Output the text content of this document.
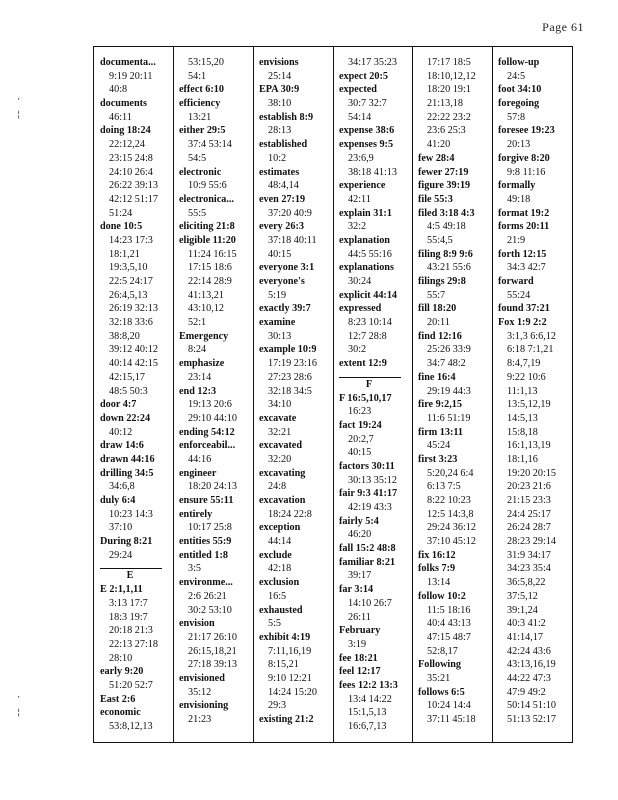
Page 61
·
¦
·
¦
documenta...
9:19 20:11
40:8
documents
46:11
doing 18:24
22:12,24
23:15 24:8
24:10 26:4
26:22 39:13
42:12 51:17
51:24
done 10:5
14:23 17:3
18:1,21
19:3,5,10
22:5 24:17
26:4,5,13
26:19 32:13
32:18 33:6
38:8,20
39:12 40:12
40:14 42:15
42:15,17
48:5 50:3
door 4:7
down 22:24
40:12
draw 14:6
drawn 44:16
drilling 34:5
34:6,8
duly 6:4
10:23 14:3
37:10
During 8:21
29:24
E
E 2:1,1,11
3:13 17:7
18:3 19:7
20:18 21:3
22:13 27:18
28:10
early 9:20
51:20 52:7
East 2:6
economic
53:8,12,13
53:15,20
54:1
effect 6:10
efficiency
13:21
either 29:5
37:4 53:14
54:5
electronic
10:9 55:6
electronica...
55:5
eliciting 21:8
eligible 11:20
11:24 16:15
17:15 18:6
22:14 28:9
41:13,21
43:10,12
52:1
Emergency
8:24
emphasize
23:14
end 12:3
19:13 20:6
29:10 44:10
ending 54:12
enforceabil...
44:16
engineer
18:20 24:13
ensure 55:11
entirely
10:17 25:8
entities 55:9
entitled 1:8
3:5
environme...
2:6 26:21
30:2 53:10
envision
21:17 26:10
26:15,18,21
27:18 39:13
envisioned
35:12
envisioning
21:23
envisions
25:14
EPA 30:9
38:10
establish 8:9
28:13
established
10:2
estimates
48:4,14
even 27:19
37:20 40:9
every 26:3
37:18 40:11
40:15
everyone 3:1
everyone's
5:19
exactly 39:7
examine
30:13
example 10:9
17:19 23:16
27:23 28:6
32:18 34:5
34:10
excavate
32:21
excavated
32:20
excavating
24:8
excavation
18:24 22:8
exception
44:14
exclude
42:18
exclusion
16:5
exhausted
5:5
exhibit 4:19
7:11,16,19
8:15,21
9:10 12:21
14:24 15:20
29:3
existing 21:2
34:17 35:23
expect 20:5
expected
30:7 32:7
54:14
expense 38:6
expenses 9:5
23:6,9
38:18 41:13
experience
42:11
explain 31:1
32:2
explanation
44:5 55:16
explanations
30:24
explicit 44:14
expressed
8:23 10:14
12:7 28:8
30:2
extent 12:9
F
F 16:5,10,17
16:23
fact 19:24
20:2,7
40:15
factors 30:11
30:13 35:12
fair 9:3 41:17
42:19 43:3
fairly 5:4
46:20
fall 15:2 48:8
familiar 8:21
39:17
far 3:14
14:10 26:7
26:11
February
3:19
fee 18:21
feel 12:17
fees 12:2 13:3
13:4 14:22
15:1,5,13
16:6,7,13
17:17 18:5
18:10,12,12
18:20 19:1
21:13,18
22:22 23:2
23:6 25:3
41:20
few 28:4
fewer 27:19
figure 39:19
file 55:3
filed 3:18 4:3
4:5 49:18
55:4,5
filing 8:9 9:6
43:21 55:6
filings 29:8
55:7
fill 18:20
20:11
find 12:16
25:26 33:9
34:7 48:2
fine 16:4
29:19 44:3
fire 9:2,15
11:6 51:19
firm 13:11
45:24
first 3:23
5:20,24 6:4
6:13 7:5
8:22 10:23
12:5 14:3,8
29:24 36:12
37:10 45:12
fix 16:12
folks 7:9
13:14
follow 10:2
11:5 18:16
40:4 43:13
47:15 48:7
52:8,17
Following
35:21
follows 6:5
10:24 14:4
37:11 45:18
follow-up
24:5
foot 34:10
foregoing
57:8
foresee 19:23
20:13
forgive 8:20
9:8 11:16
formally
49:18
format 19:2
forms 20:11
21:9
forth 12:15
34:3 42:7
forward
55:24
found 37:21
Fox 1:9 2:2
3:1,3 6:6,12
6:18 7:1,21
8:4,7,19
9:22 10:6
11:1,13
13:5,12,19
14:5,13
15:8,18
16:1,13,19
18:1,16
19:20 20:15
20:23 21:6
21:15 23:3
24:4 25:17
26:24 28:7
28:23 29:14
31:9 34:17
34:23 35:4
36:5,8,22
37:5,12
39:1,24
40:3 41:2
41:14,17
42:24 43:6
43:13,16,19
44:22 47:3
47:9 49:2
50:14 51:10
51:13 52:17
